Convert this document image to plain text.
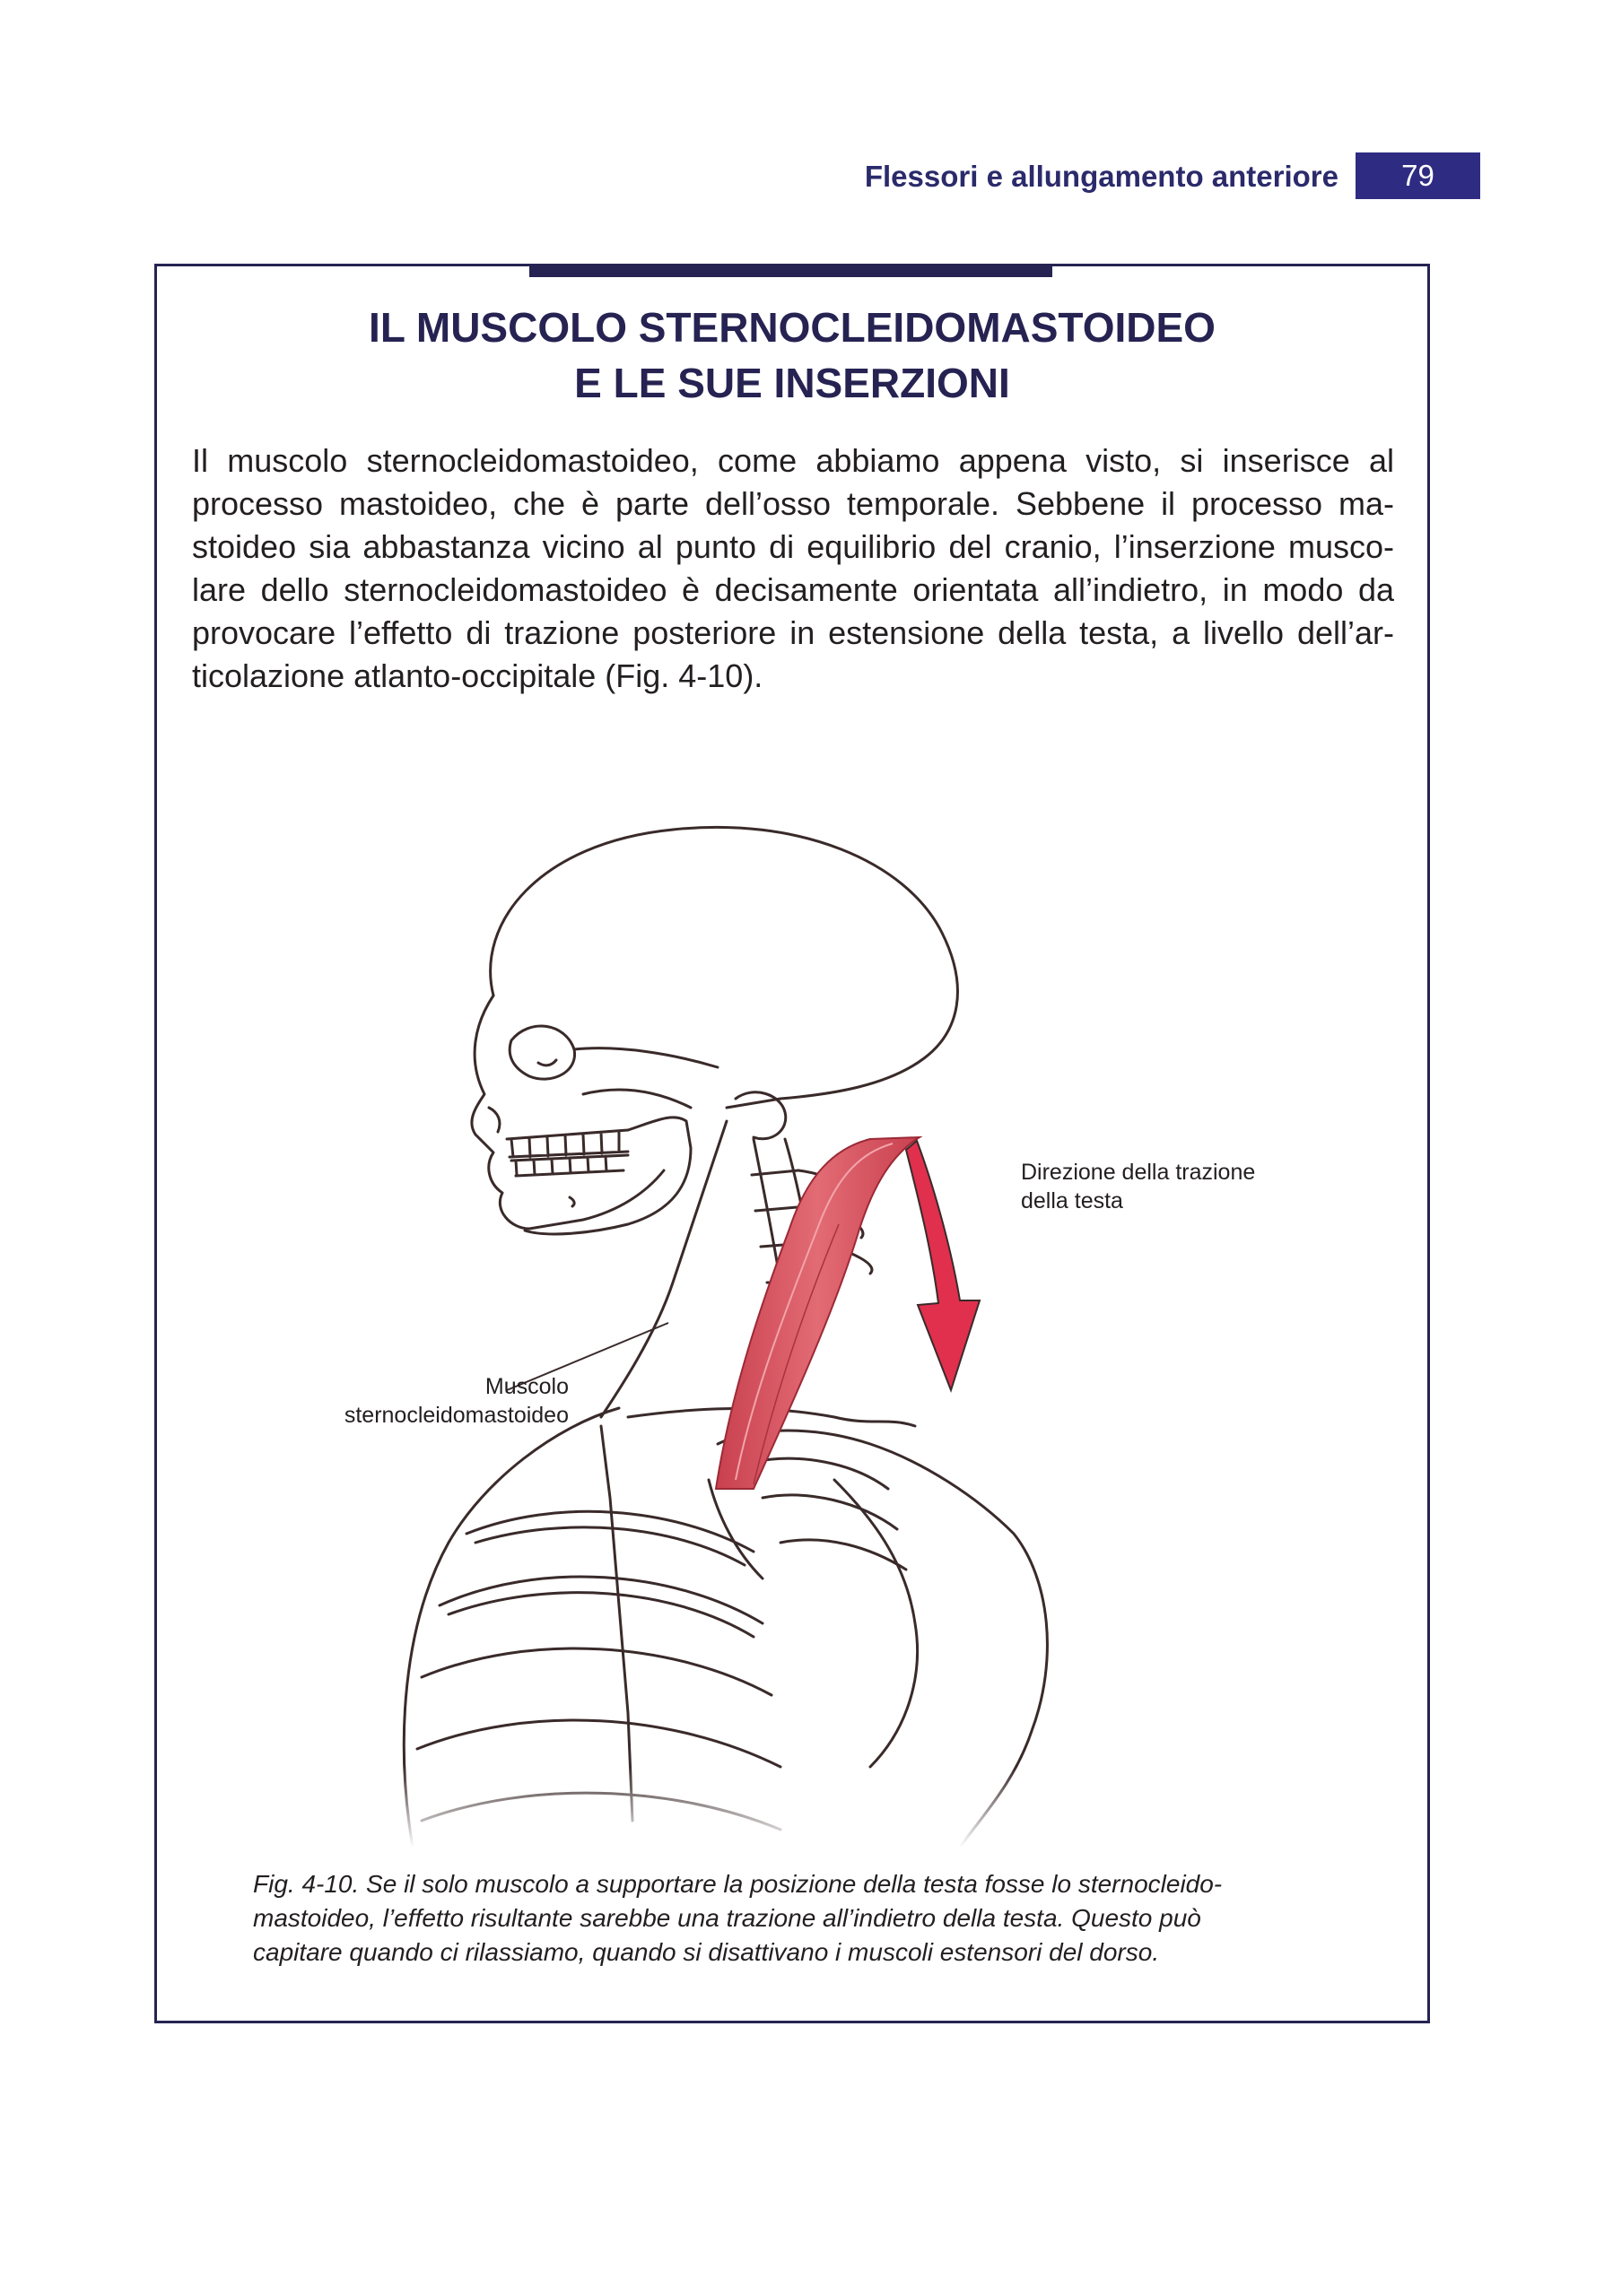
Flessori e allungamento anteriore	79
IL MUSCOLO STERNOCLEIDOMASTOIDEO
E LE SUE INSERZIONI
Il muscolo sternocleidomastoideo, come abbiamo appena visto, si inserisce al
processo mastoideo, che è parte dell’osso temporale. Sebbene il processo ma-
stoideo sia abbastanza vicino al punto di equilibrio del cranio, l’inserzione musco-
lare dello sternocleidomastoideo è decisamente orientata all’indietro, in modo da
provocare l’effetto di trazione posteriore in estensione della testa, a livello dell’ar-
ticolazione atlanto-occipitale (Fig. 4-10).
Direzione della trazione
della testa
Muscolo
sternocleidomastoideo
Fig. 4-10. Se il solo muscolo a supportare la posizione della testa fosse lo sternocleido-
mastoideo, l’effetto risultante sarebbe una trazione all’indietro della testa. Questo può
capitare quando ci rilassiamo, quando si disattivano i muscoli estensori del dorso.
